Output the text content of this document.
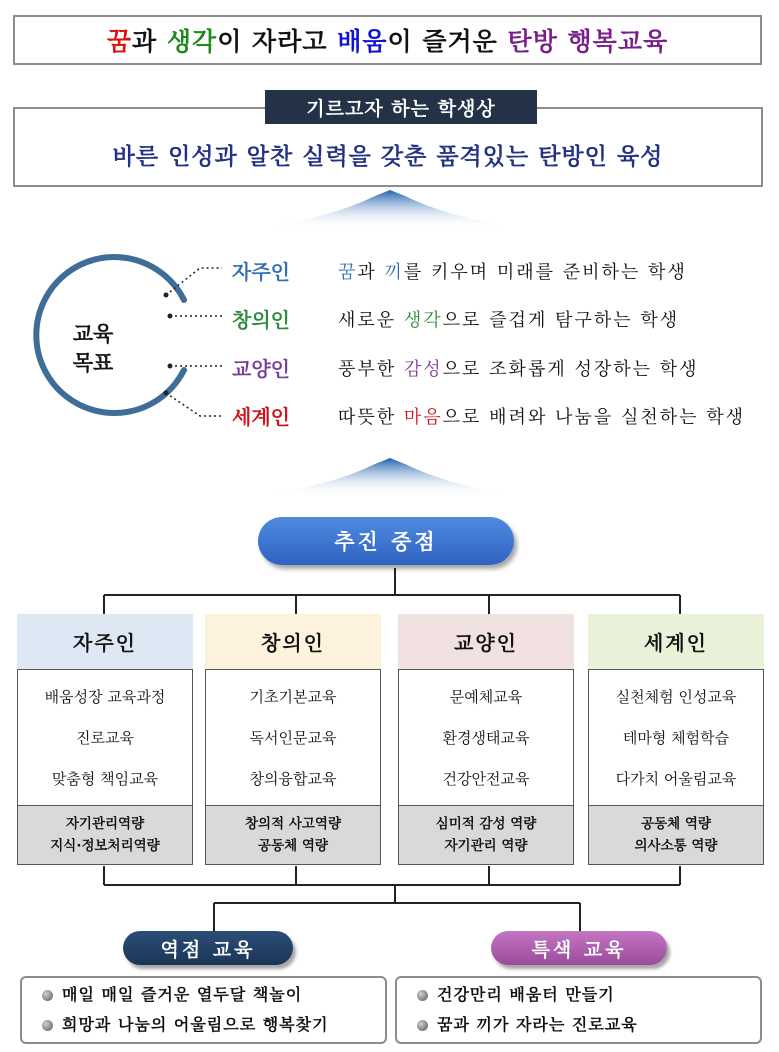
꿈 과 생각 이 자라고 배움 이 즐거운 탄방 행복교육
바른 인성과 알찬 실력을 갖춘 품격있는 탄방인 육성
기르고자 하는 학생상
교육
목표
자주인	꿈과 끼를 키우며 미래를 준비하는 학생
창의인	새로운 생각으로 즐겁게 탐구하는 학생
교양인	풍부한 감성으로 조화롭게 성장하는 학생
세계인	따뜻한 마음으로 배려와 나눔을 실천하는 학생
추진 중점
자주인
배움성장 교육과정
진로교육
맞춤형 책임교육
자기관리역량
지식·정보처리역량
창의인
기초기본교육
독서인문교육
창의융합교육
창의적 사고역량
공동체 역량
교양인
문예체교육
환경생태교육
건강안전교육
심미적 감성 역량
자기관리 역량
세계인
실천체험 인성교육
테마형 체험학습
다가치 어울림교육
공동체 역량
의사소통 역량
역점 교육	특색 교육
매일 매일 즐거운 열두달 책놀이
희망과 나눔의 어울림으로 행복찾기
건강만리 배움터 만들기
꿈과 끼가 자라는 진로교육
